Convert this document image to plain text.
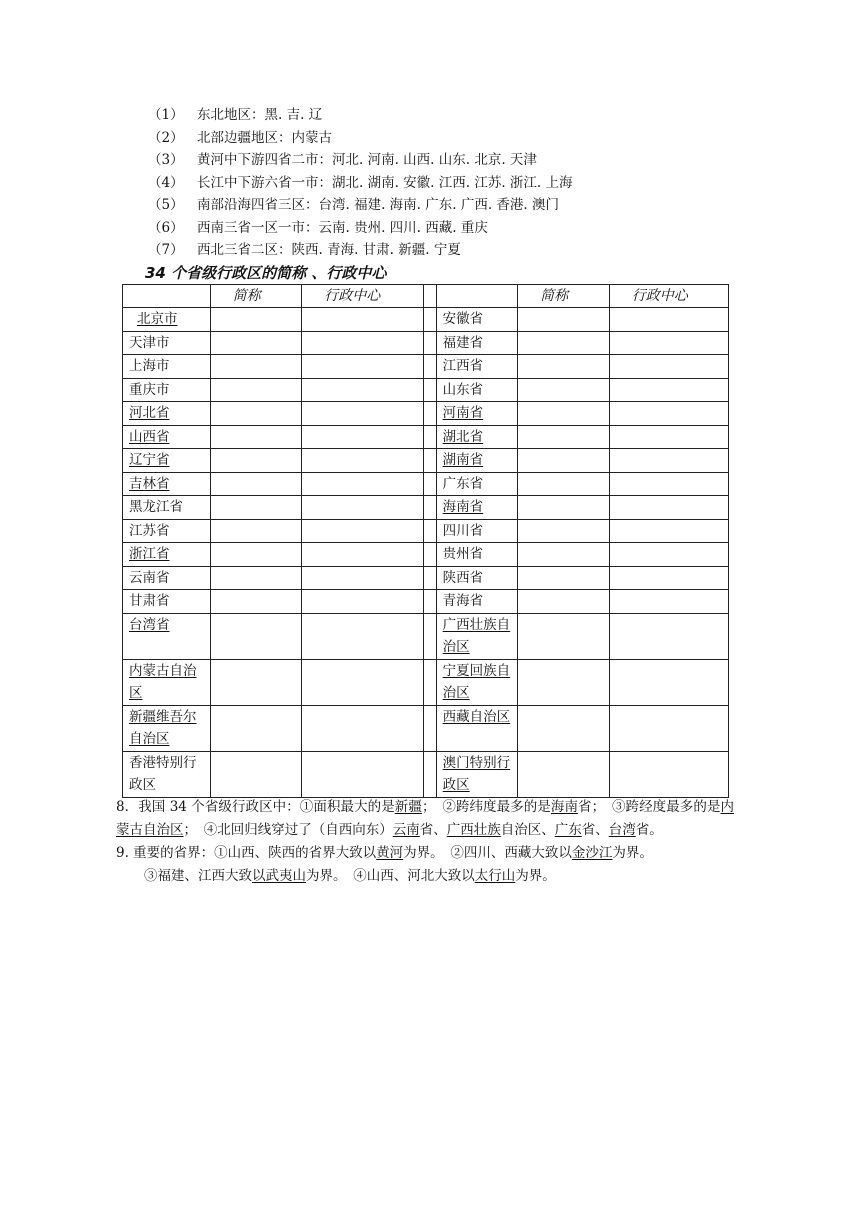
（1） 东北地区：黑. 吉. 辽
（2） 北部边疆地区：内蒙古
（3） 黄河中下游四省二市：河北. 河南. 山西. 山东. 北京. 天津
（4） 长江中下游六省一市：湖北. 湖南. 安徽. 江西. 江苏. 浙江. 上海
（5） 南部沿海四省三区：台湾. 福建. 海南. 广东. 广西. 香港. 澳门
（6） 西南三省一区一市：云南. 贵州. 四川. 西藏. 重庆
（7） 西北三省二区：陕西. 青海. 甘肃. 新疆. 宁夏
34 个省级行政区的简称 、行政中心
	简称	行政中心			简称	行政中心
北京市				安徽省		
天津市				福建省		
上海市				江西省		
重庆市				山东省		
河北省				河南省		
山西省				湖北省		
辽宁省				湖南省		
吉林省				广东省		
黑龙江省				海南省		
江苏省				四川省		
浙江省				贵州省		
云南省				陕西省		
甘肃省				青海省		
台湾省				广西壮族自治区		
内蒙古自治区				宁夏回族自治区		
新疆维吾尔自治区				西藏自治区		
香港特别行政区				澳门特别行政区		

8．我国 34 个省级行政区中：①面积最大的是新疆；　②跨纬度最多的是海南省；　③跨经度最多的是内蒙古自治区；　④北回归线穿过了（自西向东）云南省、广西壮族自治区、广东省、台湾省。

9. 重要的省界：①山西、陕西的省界大致以黄河为界。　②四川、西藏大致以金沙江为界。

③福建、江西大致以武夷山为界。　④山西、河北大致以太行山为界。
